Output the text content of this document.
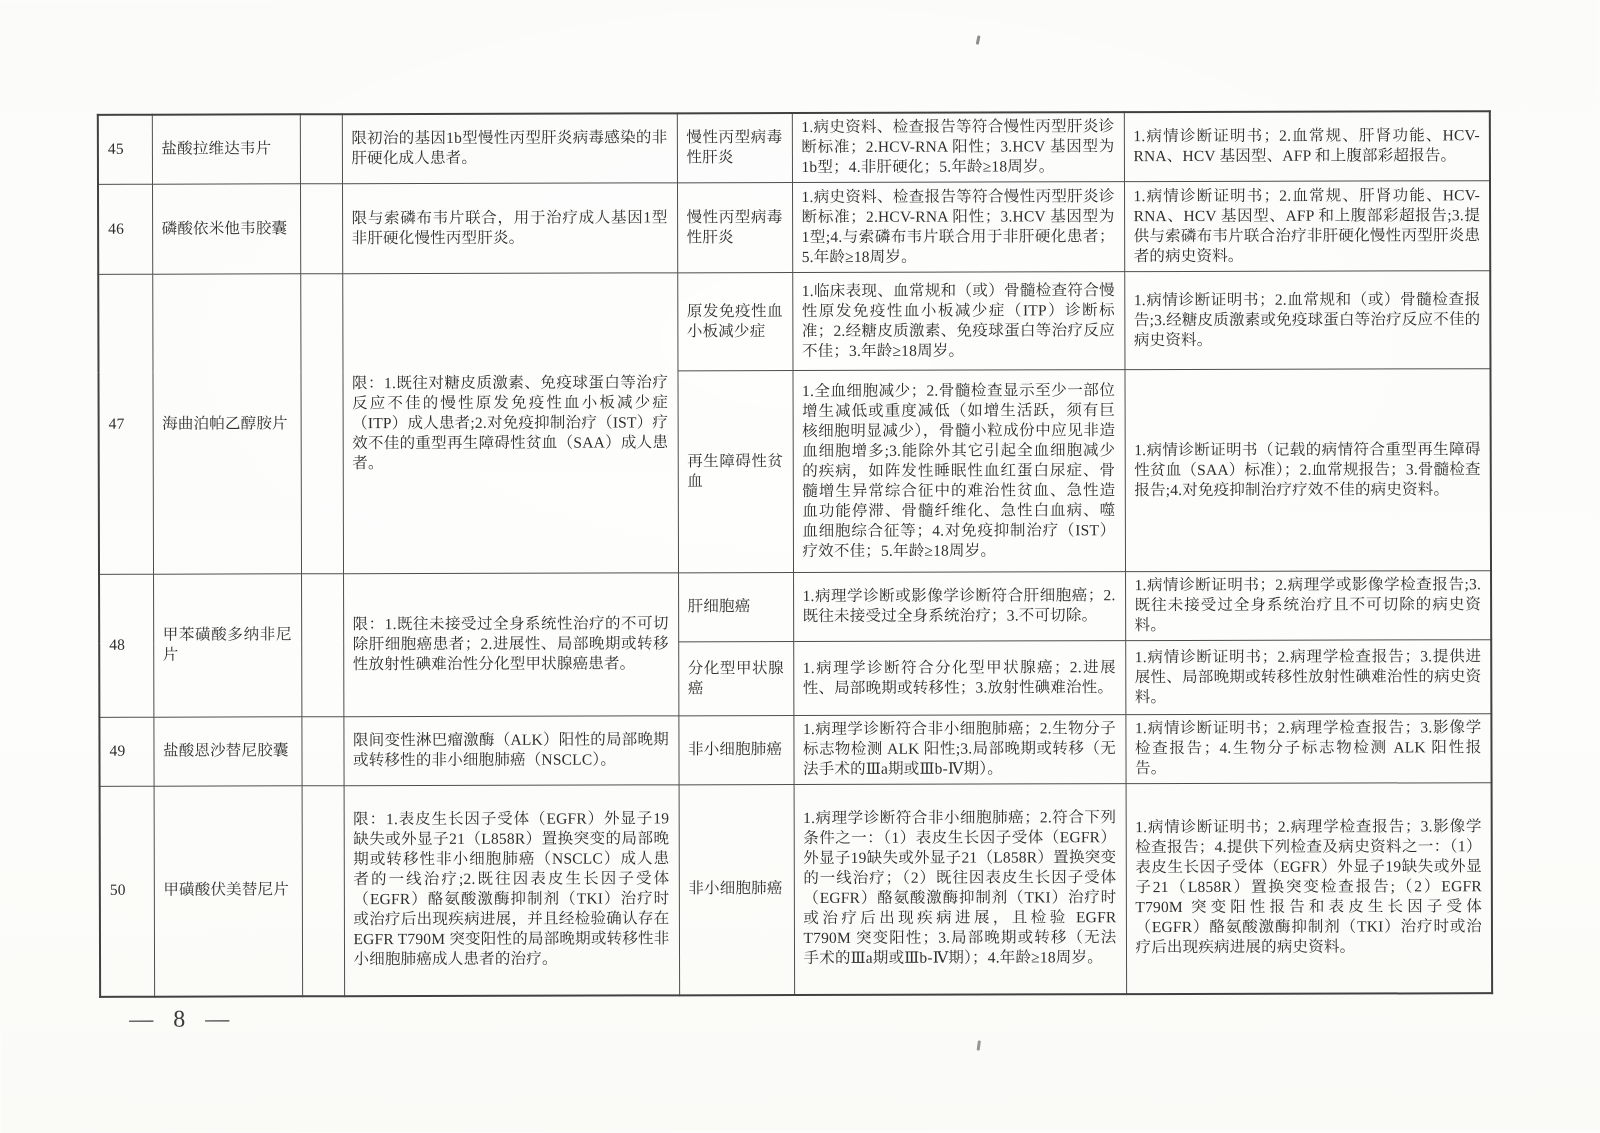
45	盐酸拉维达韦片		限初治的基因1b型慢性丙型肝炎病毒感染的非肝硬化成人患者。	慢性丙型病毒性肝炎	1.病史资料、检查报告等符合慢性丙型肝炎诊断标准；2.HCV-RNA 阳性；3.HCV 基因型为1b型；4.非肝硬化；5.年龄≥18周岁。	1.病情诊断证明书；2.血常规、肝肾功能、HCV-RNA、HCV 基因型、AFP 和上腹部彩超报告。
46	磷酸依米他韦胶囊		限与索磷布韦片联合，用于治疗成人基因1型非肝硬化慢性丙型肝炎。	慢性丙型病毒性肝炎	1.病史资料、检查报告等符合慢性丙型肝炎诊断标准；2.HCV-RNA 阳性；3.HCV 基因型为1型;4.与索磷布韦片联合用于非肝硬化患者；5.年龄≥18周岁。	1.病情诊断证明书；2.血常规、肝肾功能、HCV-RNA、HCV 基因型、AFP 和上腹部彩超报告;3.提供与索磷布韦片联合治疗非肝硬化慢性丙型肝炎患者的病史资料。
47	海曲泊帕乙醇胺片		限：1.既往对糖皮质激素、免疫球蛋白等治疗反应不佳的慢性原发免疫性血小板减少症（ITP）成人患者;2.对免疫抑制治疗（IST）疗效不佳的重型再生障碍性贫血（SAA）成人患者。	原发免疫性血小板减少症	1.临床表现、血常规和（或）骨髓检查符合慢性原发免疫性血小板减少症（ITP）诊断标准；2.经糖皮质激素、免疫球蛋白等治疗反应不佳；3.年龄≥18周岁。	1.病情诊断证明书；2.血常规和（或）骨髓检查报告;3.经糖皮质激素或免疫球蛋白等治疗反应不佳的病史资料。
				再生障碍性贫血	1.全血细胞减少；2.骨髓检查显示至少一部位增生减低或重度减低（如增生活跃，须有巨核细胞明显减少），骨髓小粒成份中应见非造血细胞增多;3.能除外其它引起全血细胞减少的疾病，如阵发性睡眠性血红蛋白尿症、骨髓增生异常综合征中的难治性贫血、急性造血功能停滞、骨髓纤维化、急性白血病、噬血细胞综合征等；4.对免疫抑制治疗（IST）疗效不佳；5.年龄≥18周岁。	1.病情诊断证明书（记载的病情符合重型再生障碍性贫血（SAA）标准）；2.血常规报告；3.骨髓检查报告;4.对免疫抑制治疗疗效不佳的病史资料。
48	甲苯磺酸多纳非尼片		限：1.既往未接受过全身系统性治疗的不可切除肝细胞癌患者；2.进展性、局部晚期或转移性放射性碘难治性分化型甲状腺癌患者。	肝细胞癌	1.病理学诊断或影像学诊断符合肝细胞癌；2.既往未接受过全身系统治疗；3.不可切除。	1.病情诊断证明书；2.病理学或影像学检查报告;3.既往未接受过全身系统治疗且不可切除的病史资料。
				分化型甲状腺癌	1.病理学诊断符合分化型甲状腺癌；2.进展性、局部晚期或转移性；3.放射性碘难治性。	1.病情诊断证明书；2.病理学检查报告；3.提供进展性、局部晚期或转移性放射性碘难治性的病史资料。
49	盐酸恩沙替尼胶囊		限间变性淋巴瘤激酶（ALK）阳性的局部晚期或转移性的非小细胞肺癌（NSCLC）。	非小细胞肺癌	1.病理学诊断符合非小细胞肺癌；2.生物分子标志物检测 ALK 阳性;3.局部晚期或转移（无法手术的Ⅲa期或Ⅲb-Ⅳ期）。	1.病情诊断证明书；2.病理学检查报告；3.影像学检查报告；4.生物分子标志物检测 ALK 阳性报告。
50	甲磺酸伏美替尼片		限：1.表皮生长因子受体（EGFR）外显子19缺失或外显子21（L858R）置换突变的局部晚期或转移性非小细胞肺癌（NSCLC）成人患者的一线治疗;2.既往因表皮生长因子受体（EGFR）酪氨酸激酶抑制剂（TKI）治疗时或治疗后出现疾病进展，并且经检验确认存在 EGFR T790M 突变阳性的局部晚期或转移性非小细胞肺癌成人患者的治疗。	非小细胞肺癌	1.病理学诊断符合非小细胞肺癌；2.符合下列条件之一：（1）表皮生长因子受体（EGFR）外显子19缺失或外显子21（L858R）置换突变的一线治疗；（2）既往因表皮生长因子受体（EGFR）酪氨酸激酶抑制剂（TKI）治疗时或治疗后出现疾病进展，且检验 EGFR T790M 突变阳性；3.局部晚期或转移（无法手术的Ⅲa期或Ⅲb-Ⅳ期）；4.年龄≥18周岁。	1.病情诊断证明书；2.病理学检查报告；3.影像学检查报告；4.提供下列检查及病史资料之一：（1）表皮生长因子受体（EGFR）外显子19缺失或外显子21（L858R）置换突变检查报告;（2）EGFR T790M 突变阳性报告和表皮生长因子受体（EGFR）酪氨酸激酶抑制剂（TKI）治疗时或治疗后出现疾病进展的病史资料。
— 8 —
